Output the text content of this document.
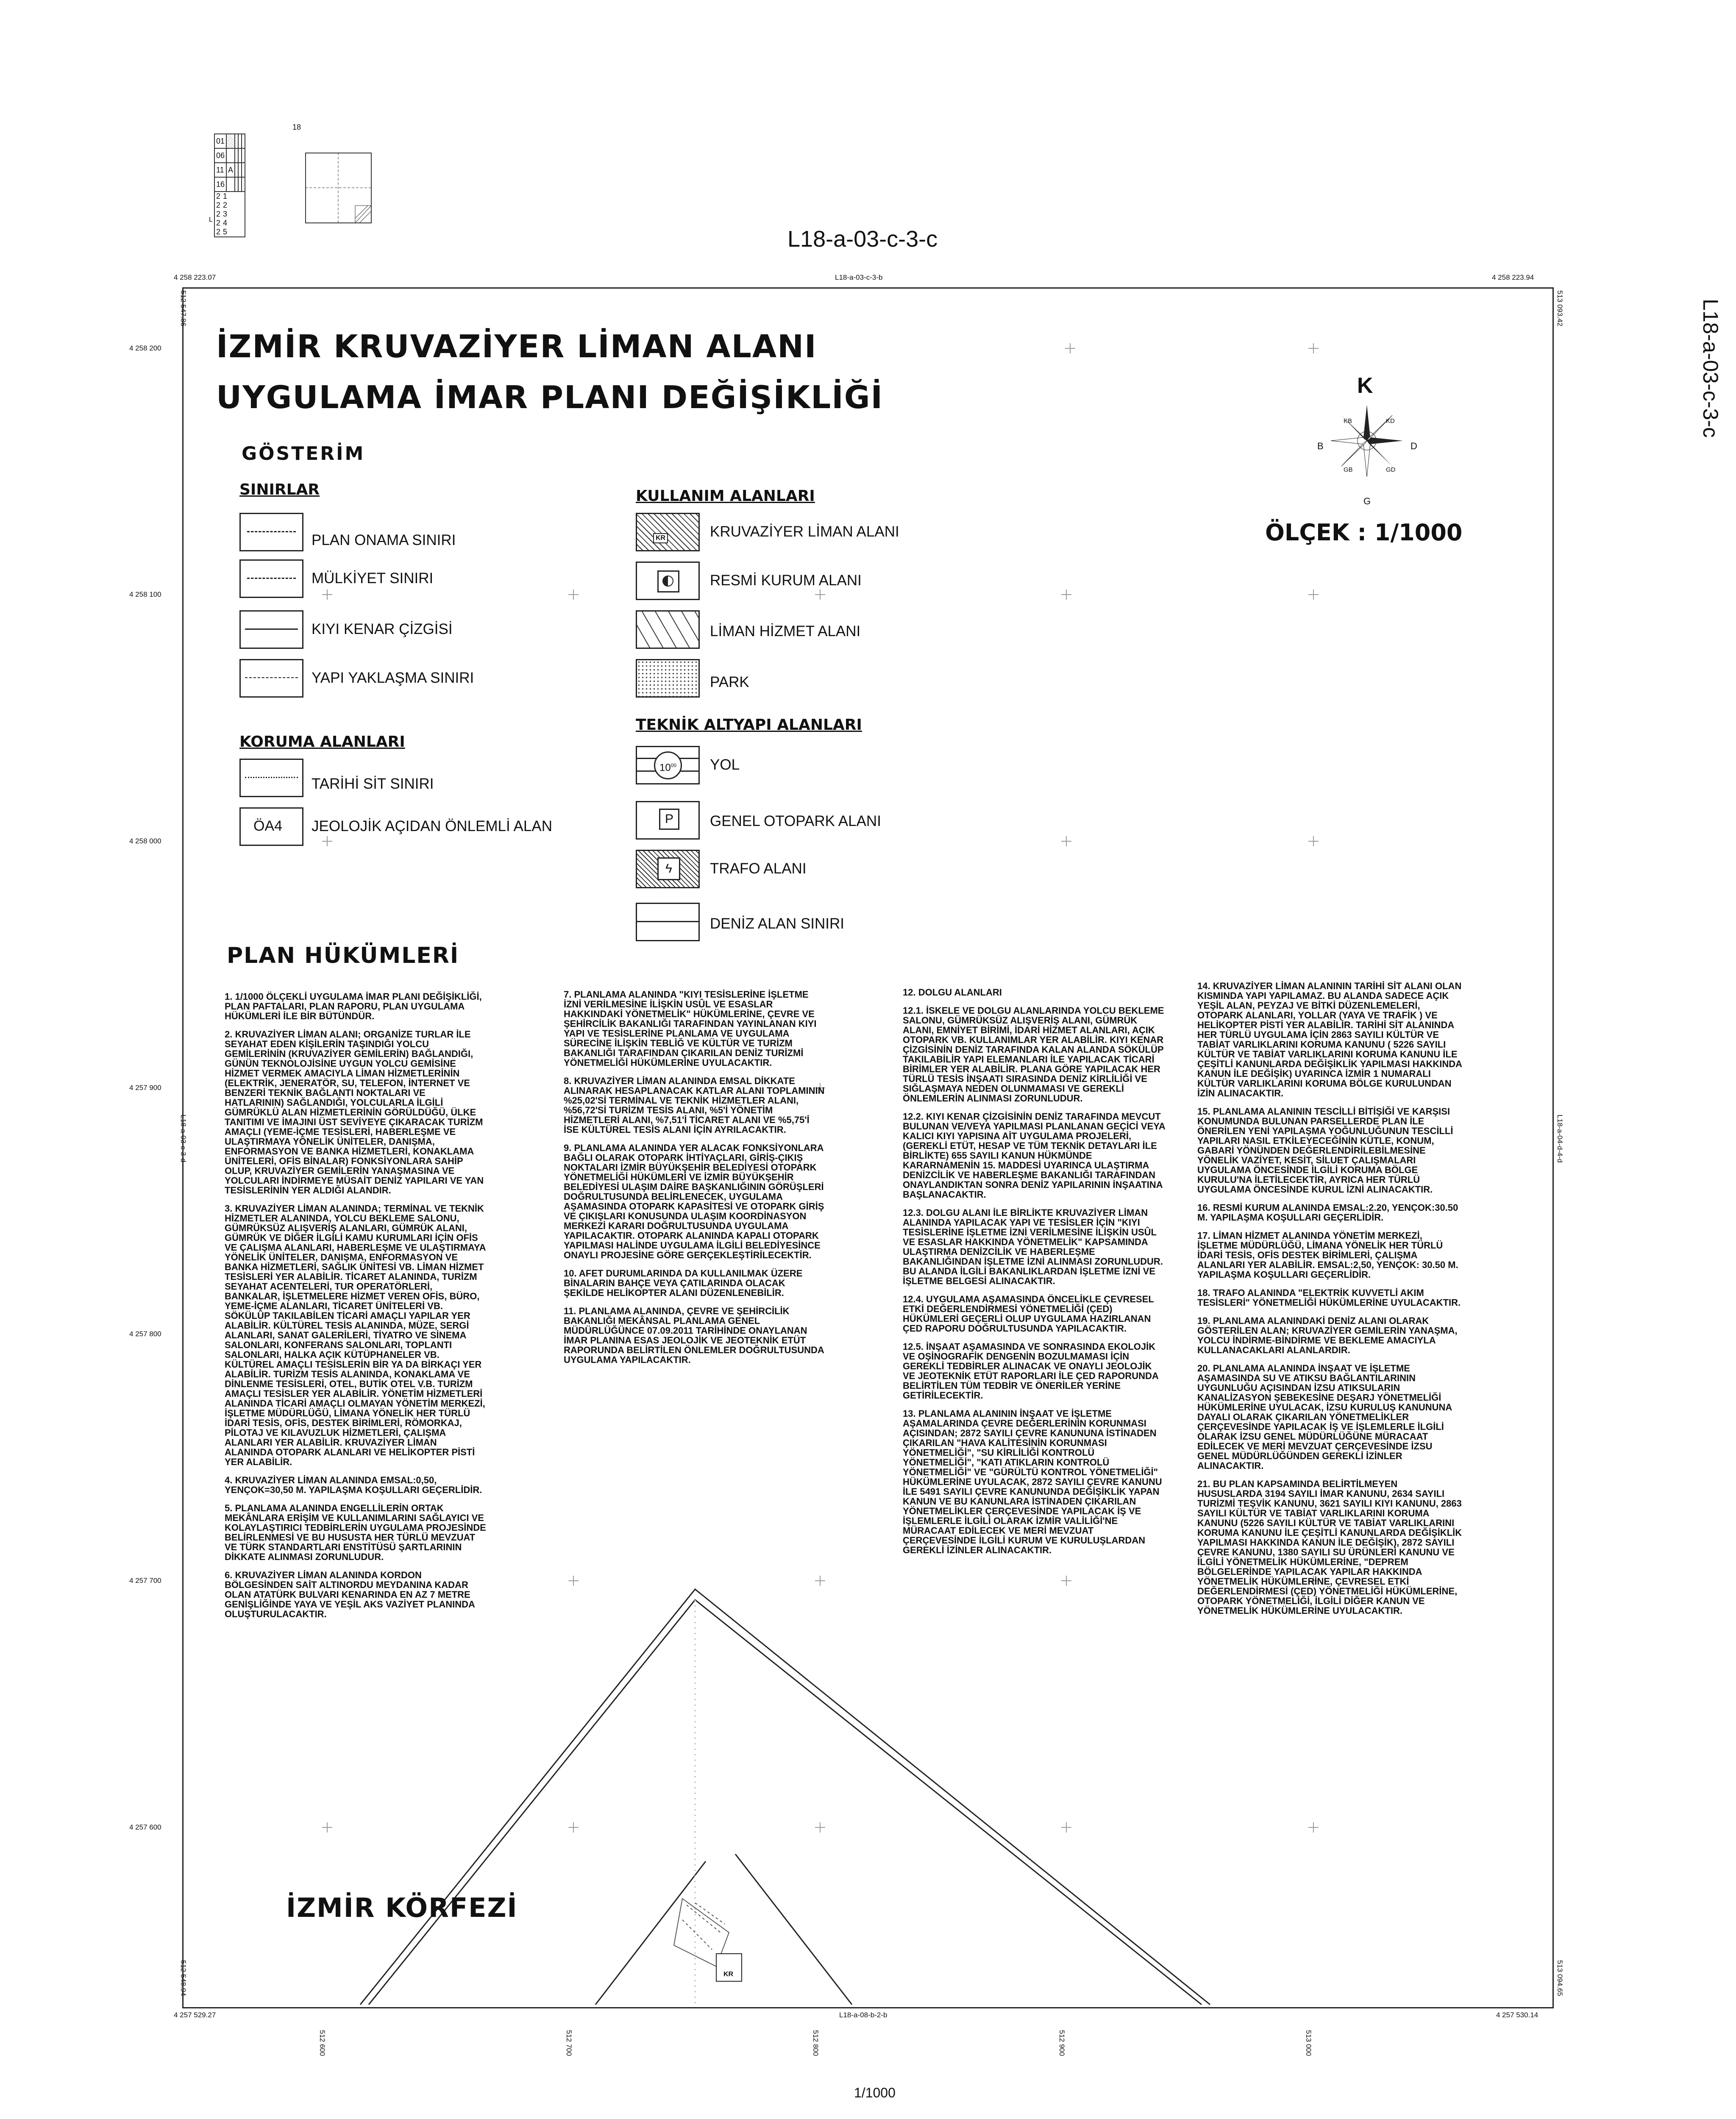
18
01				
06				
11	A			
16				
21 22 23 24 25				
L
L18-a-03-c-3-c
L18-a-03-c-3-c
4 258 223.07	L18-a-03-c-3-b	4 258 223.94
4 257 529.27	L18-a-08-b-2-b	4 257 530.14
512 547.86
512 548.94
513 093.42
513 094.65
L18-a-03-c-3-d	L18-a-04-d-4-d
4 258 200
4 258 100
4 258 000
4 257 900
4 257 800
4 257 700
4 257 600
512 600	512 700	512 800	512 900	513 000
1/1000
KR
İZMİR KRUVAZİYER LİMAN ALANI
UYGULAMA İMAR PLANI DEĞİŞİKLİĞİ
GÖSTERİM
K
KB	KD
B	D
GB	GD
G
ÖLÇEK : 1/1000
SINIRLAR
PLAN ONAMA SINIRI
MÜLKİYET SINIRI
KIYI KENAR ÇİZGİSİ
YAPI YAKLAŞMA SINIRI
KORUMA ALANLARI
TARİHİ SİT SINIRI
ÖA4 JEOLOJİK AÇIDAN ÖNLEMLİ ALAN
KULLANIM ALANLARI
KR	KRUVAZİYER LİMAN ALANI
RESMİ KURUM ALANI
LİMAN HİZMET ALANI
PARK
TEKNİK ALTYAPI ALANLARI
$10^{00}$	YOL
P	GENEL OTOPARK ALANI
ϟ	TRAFO ALANI
DENİZ ALAN SINIRI
PLAN HÜKÜMLERİ

1. 1/1000 ÖLÇEKLİ UYGULAMA İMAR PLANI DEĞİŞİKLİĞİ, PLAN PAFTALARI, PLAN RAPORU, PLAN UYGULAMA HÜKÜMLERİ İLE BİR BÜTÜNDÜR.

2. KRUVAZİYER LİMAN ALANI; ORGANİZE TURLAR İLE SEYAHAT EDEN KİŞİLERİN TAŞINDIĞI YOLCU GEMİLERİNİN (KRUVAZİYER GEMİLERİN) BAĞLANDIĞI, GÜNÜN TEKNOLOJİSİNE UYGUN YOLCU GEMİSİNE HİZMET VERMEK AMACIYLA LİMAN HİZMETLERİNİN (ELEKTRİK, JENERATÖR, SU, TELEFON, İNTERNET VE BENZERİ TEKNİK BAĞLANTI NOKTALARI VE HATLARININ) SAĞLANDIĞI, YOLCULARLA İLGİLİ GÜMRÜKLÜ ALAN HİZMETLERİNİN GÖRÜLDÜĞÜ, ÜLKE TANITIMI VE İMAJINI ÜST SEVİYEYE ÇIKARACAK TURİZM AMAÇLI (YEME-İÇME TESİSLERİ, HABERLEŞME VE ULAŞTIRMAYA YÖNELİK ÜNİTELER, DANIŞMA, ENFORMASYON VE BANKA HİZMETLERİ, KONAKLAMA ÜNİTELERİ, OFİS BİNALAR) FONKSİYONLARA SAHİP OLUP, KRUVAZİYER GEMİLERİN YANAŞMASINA VE YOLCULARI İNDİRMEYE MÜSAİT DENİZ YAPILARI VE YAN TESİSLERİNİN YER ALDIĞI ALANDIR.

3. KRUVAZİYER LİMAN ALANINDA; TERMİNAL VE TEKNİK HİZMETLER ALANINDA, YOLCU BEKLEME SALONU, GÜMRÜKSÜZ ALIŞVERİŞ ALANLARI, GÜMRÜK ALANI, GÜMRÜK VE DİĞER İLGİLİ KAMU KURUMLARI İÇİN OFİS VE ÇALIŞMA ALANLARI, HABERLEŞME VE ULAŞTIRMAYA YÖNELİK ÜNİTELER, DANIŞMA, ENFORMASYON VE BANKA HİZMETLERİ, SAĞLIK ÜNİTESİ VB. LİMAN HİZMET TESİSLERİ YER ALABİLİR. TİCARET ALANINDA, TURİZM SEYAHAT ACENTELERİ, TUR OPERATÖRLERİ, BANKALAR, İŞLETMELERE HİZMET VEREN OFİS, BÜRO, YEME-İÇME ALANLARI, TİCARET ÜNİTELERİ VB. SÖKÜLÜP TAKILABİLEN TİCARİ AMAÇLI YAPILAR YER ALABİLİR. KÜLTÜREL TESİS ALANINDA, MÜZE, SERGİ ALANLARI, SANAT GALERİLERİ, TİYATRO VE SİNEMA SALONLARI, KONFERANS SALONLARI, TOPLANTI SALONLARI, HALKA AÇIK KÜTÜPHANELER VB. KÜLTÜREL AMAÇLI TESİSLERİN BİR YA DA BİRKAÇI YER ALABİLİR. TURİZM TESİS ALANINDA, KONAKLAMA VE DİNLENME TESİSLERİ, OTEL, BUTİK OTEL V.B. TURİZM AMAÇLI TESİSLER YER ALABİLİR. YÖNETİM HİZMETLERİ ALANINDA TİCARİ AMAÇLI OLMAYAN YÖNETİM MERKEZİ, İŞLETME MÜDÜRLÜĞÜ, LİMANA YÖNELİK HER TÜRLÜ İDARİ TESİS, OFİS, DESTEK BİRİMLERİ, RÖMORKAJ, PİLOTAJ VE KILAVUZLUK HİZMETLERİ, ÇALIŞMA ALANLARI YER ALABİLİR. KRUVAZİYER LİMAN ALANINDA OTOPARK ALANLARI VE HELİKOPTER PİSTİ YER ALABİLİR.

4. KRUVAZİYER LİMAN ALANINDA EMSAL:0,50, YENÇOK=30,50 M. YAPILAŞMA KOŞULLARI GEÇERLİDİR.

5. PLANLAMA ALANINDA ENGELLİLERİN ORTAK MEKÂNLARA ERİŞİM VE KULLANIMLARINI SAĞLAYICI VE KOLAYLAŞTIRICI TEDBİRLERİN UYGULAMA PROJESİNDE BELİRLENMESİ VE BU HUSUSTA HER TÜRLÜ MEVZUAT VE TÜRK STANDARTLARI ENSTİTÜSÜ ŞARTLARININ DİKKATE ALINMASI ZORUNLUDUR.

6. KRUVAZİYER LİMAN ALANINDA KORDON BÖLGESİNDEN SAİT ALTINORDU MEYDANINA KADAR OLAN ATATÜRK BULVARI KENARINDA EN AZ 7 METRE GENİŞLİĞİNDE YAYA VE YEŞİL AKS VAZİYET PLANINDA OLUŞTURULACAKTIR.

7. PLANLAMA ALANINDA "KIYI TESİSLERİNE İŞLETME İZNİ VERİLMESİNE İLİŞKİN USÛL VE ESASLAR HAKKINDAKİ YÖNETMELİK" HÜKÜMLERİNE, ÇEVRE VE ŞEHİRCİLİK BAKANLIĞI TARAFINDAN YAYINLANAN KIYI YAPI VE TESİSLERİNE PLANLAMA VE UYGULAMA SÜRECİNE İLİŞKİN TEBLİĞ VE KÜLTÜR VE TURİZM BAKANLIĞI TARAFINDAN ÇIKARILAN DENİZ TURİZMİ YÖNETMELİĞİ HÜKÜMLERİNE UYULACAKTIR.

8. KRUVAZİYER LİMAN ALANINDA EMSAL DİKKATE ALINARAK HESAPLANACAK KATLAR ALANI TOPLAMININ %25,02'Sİ TERMİNAL VE TEKNİK HİZMETLER ALANI, %56,72'Sİ TURİZM TESİS ALANI, %5'İ YÖNETİM HİZMETLERİ ALANI, %7,51'İ TİCARET ALANI VE %5,75'İ İSE KÜLTÜREL TESİS ALANI İÇİN AYRILACAKTIR.

9. PLANLAMA ALANINDA YER ALACAK FONKSİYONLARA BAĞLI OLARAK OTOPARK İHTİYAÇLARI, GİRİŞ-ÇIKIŞ NOKTALARI İZMİR BÜYÜKŞEHİR BELEDİYESİ OTOPARK YÖNETMELİĞİ HÜKÜMLERİ VE İZMİR BÜYÜKŞEHİR BELEDİYESİ ULAŞIM DAİRE BAŞKANLIĞININ GÖRÜŞLERİ DOĞRULTUSUNDA BELİRLENECEK, UYGULAMA AŞAMASINDA OTOPARK KAPASİTESİ VE OTOPARK GİRİŞ VE ÇIKIŞLARI KONUSUNDA ULAŞIM KOORDİNASYON MERKEZİ KARARI DOĞRULTUSUNDA UYGULAMA YAPILACAKTIR. OTOPARK ALANINDA KAPALI OTOPARK YAPILMASI HALİNDE UYGULAMA İLGİLİ BELEDİYESİNCE ONAYLI PROJESİNE GÖRE GERÇEKLEŞTİRİLECEKTİR.

10. AFET DURUMLARINDA DA KULLANILMAK ÜZERE BİNALARIN BAHÇE VEYA ÇATILARINDA OLACAK ŞEKİLDE HELİKOPTER ALANI DÜZENLENEBİLİR.

11. PLANLAMA ALANINDA, ÇEVRE VE ŞEHİRCİLİK BAKANLIĞI MEKÂNSAL PLANLAMA GENEL MÜDÜRLÜĞÜNCE 07.09.2011 TARİHİNDE ONAYLANAN İMAR PLANINA ESAS JEOLOJİK VE JEOTEKNİK ETÜT RAPORUNDA BELİRTİLEN ÖNLEMLER DOĞRULTUSUNDA UYGULAMA YAPILACAKTIR.

12. DOLGU ALANLARI

12.1. İSKELE VE DOLGU ALANLARINDA YOLCU BEKLEME SALONU, GÜMRÜKSÜZ ALIŞVERİŞ ALANI, GÜMRÜK ALANI, EMNİYET BİRİMİ, İDARİ HİZMET ALANLARI, AÇIK OTOPARK VB. KULLANIMLAR YER ALABİLİR. KIYI KENAR ÇİZGİSİNİN DENİZ TARAFINDA KALAN ALANDA SÖKÜLÜP TAKILABİLİR YAPI ELEMANLARI İLE YAPILACAK TİCARİ BİRİMLER YER ALABİLİR. PLANA GÖRE YAPILACAK HER TÜRLÜ TESİS İNŞAATI SIRASINDA DENİZ KİRLİLİĞİ VE SIĞLAŞMAYA NEDEN OLUNMAMASI VE GEREKLİ ÖNLEMLERİN ALINMASI ZORUNLUDUR.

12.2. KIYI KENAR ÇİZGİSİNİN DENİZ TARAFINDA MEVCUT BULUNAN VE/VEYA YAPILMASI PLANLANAN GEÇİCİ VEYA KALICI KIYI YAPISINA AİT UYGULAMA PROJELERİ, (GEREKLİ ETÜT, HESAP VE TÜM TEKNİK DETAYLARI İLE BİRLİKTE) 655 SAYILI KANUN HÜKMÜNDE KARARNAMENİN 15. MADDESİ UYARINCA ULAŞTIRMA DENİZCİLİK VE HABERLEŞME BAKANLIĞI TARAFINDAN ONAYLANDIKTAN SONRA DENİZ YAPILARININ İNŞAATINA BAŞLANACAKTIR.

12.3. DOLGU ALANI İLE BİRLİKTE KRUVAZİYER LİMAN ALANINDA YAPILACAK YAPI VE TESİSLER İÇİN "KIYI TESİSLERİNE İŞLETME İZNİ VERİLMESİNE İLİŞKİN USÛL VE ESASLAR HAKKINDA YÖNETMELİK" KAPSAMINDA ULAŞTIRMA DENİZCİLİK VE HABERLEŞME BAKANLIĞINDAN İŞLETME İZNİ ALINMASI ZORUNLUDUR. BU ALANDA İLGİLİ BAKANLIKLARDAN İŞLETME İZNİ VE İŞLETME BELGESİ ALINACAKTIR.

12.4. UYGULAMA AŞAMASINDA ÖNCELİKLE ÇEVRESEL ETKİ DEĞERLENDİRMESİ YÖNETMELİĞİ (ÇED) HÜKÜMLERİ GEÇERLİ OLUP UYGULAMA HAZIRLANAN ÇED RAPORU DOĞRULTUSUNDA YAPILACAKTIR.

12.5. İNŞAAT AŞAMASINDA VE SONRASINDA EKOLOJİK VE OŞİNOGRAFİK DENGENİN BOZULMAMASI İÇİN GEREKLİ TEDBİRLER ALINACAK VE ONAYLI JEOLOJİK VE JEOTEKNİK ETÜT RAPORLARI İLE ÇED RAPORUNDA BELİRTİLEN TÜM TEDBİR VE ÖNERİLER YERİNE GETİRİLECEKTİR.

13. PLANLAMA ALANININ İNŞAAT VE İŞLETME AŞAMALARINDA ÇEVRE DEĞERLERİNİN KORUNMASI AÇISINDAN; 2872 SAYILI ÇEVRE KANUNUNA İSTİNADEN ÇIKARILAN "HAVA KALİTESİNİN KORUNMASI YÖNETMELİĞİ", "SU KİRLİLİĞİ KONTROLÜ YÖNETMELİĞİ", "KATI ATIKLARIN KONTROLÜ YÖNETMELİĞİ" VE "GÜRÜLTÜ KONTROL YÖNETMELİĞİ" HÜKÜMLERİNE UYULACAK, 2872 SAYILI ÇEVRE KANUNU İLE 5491 SAYILI ÇEVRE KANUNUNDA DEĞİŞİKLİK YAPAN KANUN VE BU KANUNLARA İSTİNADEN ÇIKARILAN YÖNETMELİKLER ÇERÇEVESİNDE YAPILACAK İŞ VE İŞLEMLERLE İLGİLİ OLARAK İZMİR VALİLİĞİ'NE MÜRACAAT EDİLECEK VE MERİ MEVZUAT ÇERÇEVESİNDE İLGİLİ KURUM VE KURULUŞLARDAN GEREKLİ İZİNLER ALINACAKTIR.

14. KRUVAZİYER LİMAN ALANININ TARİHİ SİT ALANI OLAN KISMINDA YAPI YAPILAMAZ. BU ALANDA SADECE AÇIK YEŞİL ALAN, PEYZAJ VE BİTKİ DÜZENLEMELERİ, OTOPARK ALANLARI, YOLLAR (YAYA VE TRAFİK ) VE HELİKOPTER PİSTİ YER ALABİLİR. TARİHİ SİT ALANINDA HER TÜRLÜ UYGULAMA İÇİN 2863 SAYILI KÜLTÜR VE TABİAT VARLIKLARINI KORUMA KANUNU ( 5226 SAYILI KÜLTÜR VE TABİAT VARLIKLARINI KORUMA KANUNU İLE ÇEŞİTLİ KANUNLARDA DEĞİŞİKLİK YAPILMASI HAKKINDA KANUN İLE DEĞİŞİK) UYARINCA İZMİR 1 NUMARALI KÜLTÜR VARLIKLARINI KORUMA BÖLGE KURULUNDAN İZİN ALINACAKTIR.

15. PLANLAMA ALANININ TESCİLLİ BİTİŞİĞİ VE KARŞISI KONUMUNDA BULUNAN PARSELLERDE PLAN İLE ÖNERİLEN YENİ YAPILAŞMA YOĞUNLUĞUNUN TESCİLLİ YAPILARI NASIL ETKİLEYECEĞİNİN KÜTLE, KONUM, GABARİ YÖNÜNDEN DEĞERLENDİRİLEBİLMESİNE YÖNELİK VAZİYET, KESİT, SİLUET ÇALIŞMALARI UYGULAMA ÖNCESİNDE İLGİLİ KORUMA BÖLGE KURULU'NA İLETİLECEKTİR, AYRICA HER TÜRLÜ UYGULAMA ÖNCESİNDE KURUL İZNİ ALINACAKTIR.

16. RESMİ KURUM ALANINDA EMSAL:2.20, YENÇOK:30.50 M. YAPILAŞMA KOŞULLARI GEÇERLİDİR.

17. LİMAN HİZMET ALANINDA YÖNETİM MERKEZİ, İŞLETME MÜDÜRLÜĞÜ, LİMANA YÖNELİK HER TÜRLÜ İDARİ TESİS, OFİS DESTEK BİRİMLERİ, ÇALIŞMA ALANLARI YER ALABİLİR. EMSAL:2,50, YENÇOK: 30.50 M. YAPILAŞMA KOŞULLARI GEÇERLİDİR.

18. TRAFO ALANINDA "ELEKTRİK KUVVETLİ AKIM TESİSLERİ" YÖNETMELİĞİ HÜKÜMLERİNE UYULACAKTIR.

19. PLANLAMA ALANINDAKİ DENİZ ALANI OLARAK GÖSTERİLEN ALAN; KRUVAZİYER GEMİLERİN YANAŞMA, YOLCU İNDİRME-BİNDİRME VE BEKLEME AMACIYLA KULLANACAKLARI ALANLARDIR.

20. PLANLAMA ALANINDA İNŞAAT VE İŞLETME AŞAMASINDA SU VE ATIKSU BAĞLANTILARININ UYGUNLUĞU AÇISINDAN İZSU ATIKSULARIN KANALİZASYON ŞEBEKESİNE DEŞARJ YÖNETMELİĞİ HÜKÜMLERİNE UYULACAK, İZSU KURULUŞ KANUNUNA DAYALI OLARAK ÇIKARILAN YÖNETMELİKLER ÇERÇEVESİNDE YAPILACAK İŞ VE İŞLEMLERLE İLGİLİ OLARAK İZSU GENEL MÜDÜRLÜĞÜNE MÜRACAAT EDİLECEK VE MERİ MEVZUAT ÇERÇEVESİNDE İZSU GENEL MÜDÜRLÜĞÜNDEN GEREKLİ İZİNLER ALINACAKTIR.

21. BU PLAN KAPSAMINDA BELİRTİLMEYEN HUSUSLARDA 3194 SAYILI İMAR KANUNU, 2634 SAYILI TURİZMİ TEŞVİK KANUNU, 3621 SAYILI KIYI KANUNU, 2863 SAYILI KÜLTÜR VE TABİAT VARLIKLARINI KORUMA KANUNU (5226 SAYILI KÜLTÜR VE TABİAT VARLIKLARINI KORUMA KANUNU İLE ÇEŞİTLİ KANUNLARDA DEĞİŞİKLİK YAPILMASI HAKKINDA KANUN İLE DEĞİŞİK), 2872 SAYILI ÇEVRE KANUNU, 1380 SAYILI SU ÜRÜNLERİ KANUNU VE İLGİLİ YÖNETMELİK HÜKÜMLERİNE, "DEPREM BÖLGELERİNDE YAPILACAK YAPILAR HAKKINDA YÖNETMELİK HÜKÜMLERİNE, ÇEVRESEL ETKİ DEĞERLENDİRMESİ (ÇED) YÖNETMELİĞİ HÜKÜMLERİNE, OTOPARK YÖNETMELİĞİ, İLGİLİ DİĞER KANUN VE YÖNETMELİK HÜKÜMLERİNE UYULACAKTIR.

İZMİR KÖRFEZİ
